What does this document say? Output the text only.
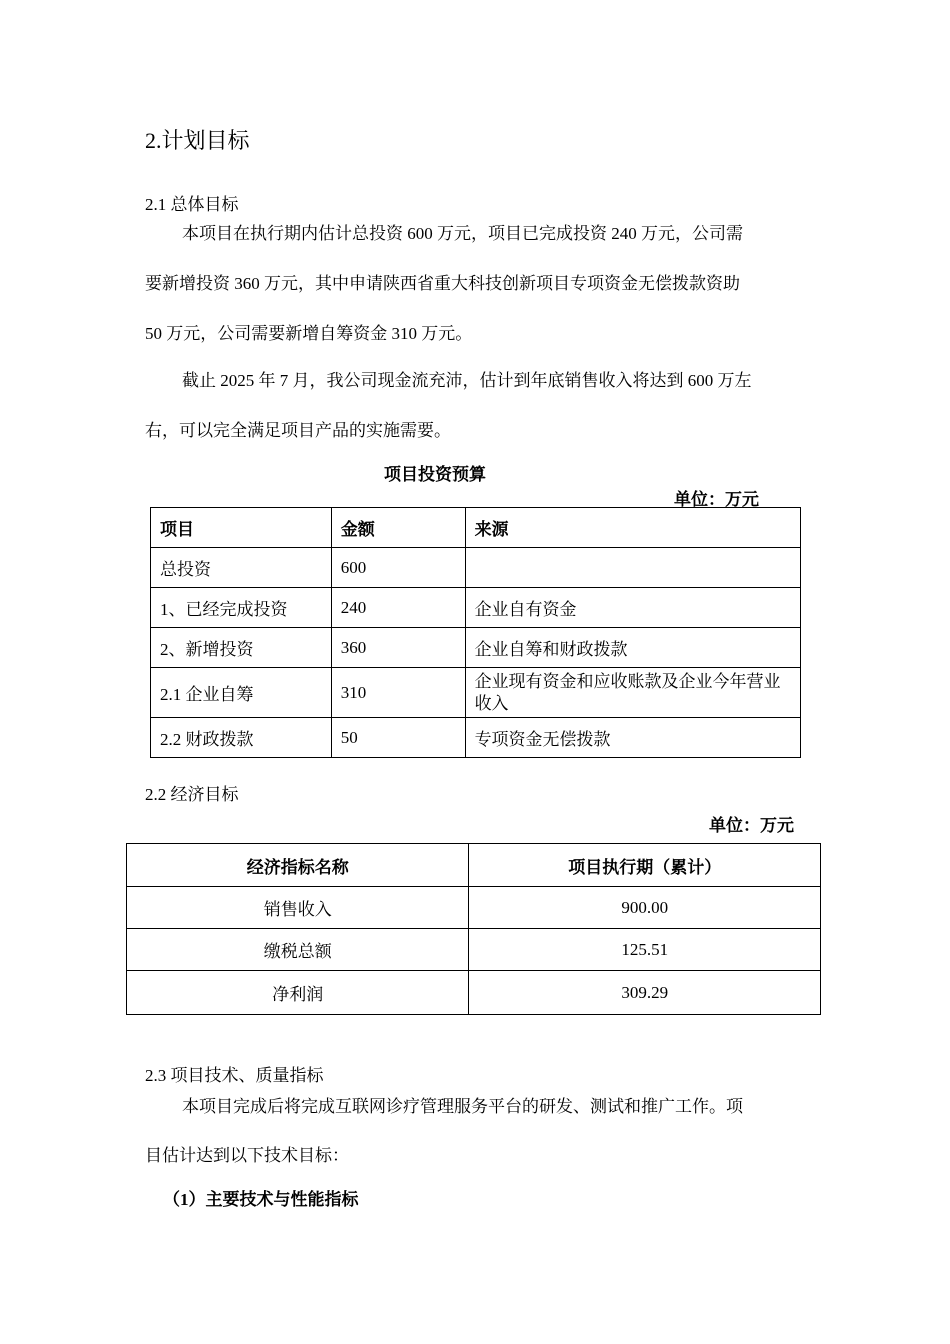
2.计划目标
2.1 总体目标
本项目在执行期内估计总投资 600 万元，项目已完成投资 240 万元，公司需
要新增投资 360 万元，其中申请陕西省重大科技创新项目专项资金无偿拨款资助
50 万元，公司需要新增自筹资金 310 万元。
截止 2025 年 7 月，我公司现金流充沛，估计到年底销售收入将达到 600 万左
右，可以完全满足项目产品的实施需要。
项目投资预算
单位：万元
项目	金额	来源
总投资	600	
1、已经完成投资	240	企业自有资金
2、新增投资	360	企业自筹和财政拨款
2.1 企业自筹	310	企业现有资金和应收账款及企业今年营业收入
2.2 财政拨款	50	专项资金无偿拨款
2.2 经济目标
单位：万元
经济指标名称	项目执行期（累计）
销售收入	900.00
缴税总额	125.51
净利润	309.29
2.3 项目技术、质量指标
本项目完成后将完成互联网诊疗管理服务平台的研发、测试和推广工作。项
目估计达到以下技术目标：
（1）主要技术与性能指标
